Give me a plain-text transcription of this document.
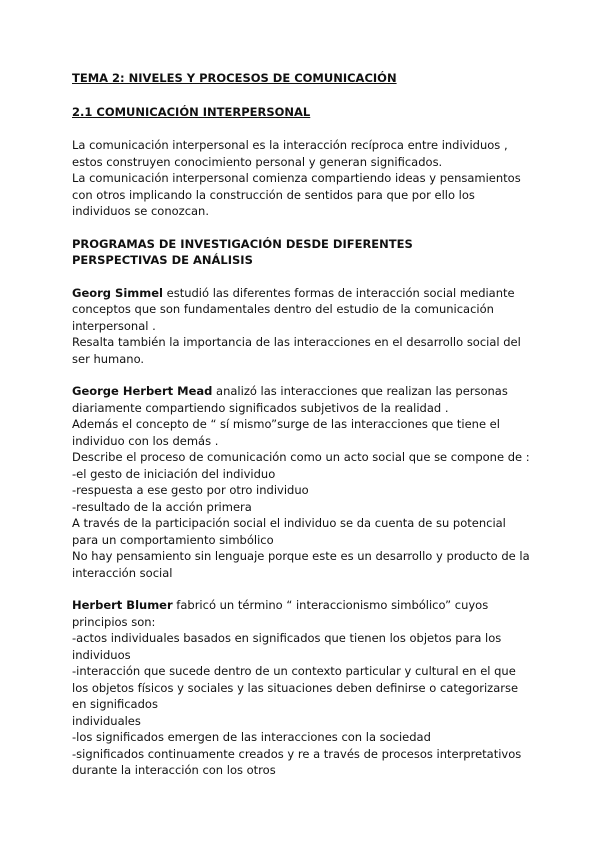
TEMA 2: NIVELES Y PROCESOS DE COMUNICACIÓN

2.1 COMUNICACIÓN INTERPERSONAL

La comunicación interpersonal es la interacción recíproca entre individuos , estos construyen conocimiento personal y generan significados.

La comunicación interpersonal comienza compartiendo ideas y pensamientos con otros implicando la construcción de sentidos para que por ello los individuos se conozcan.

PROGRAMAS DE INVESTIGACIÓN DESDE DIFERENTES PERSPECTIVAS DE ANÁLISIS

Georg Simmel estudió las diferentes formas de interacción social mediante conceptos que son fundamentales dentro del estudio de la comunicación interpersonal .

Resalta también la importancia de las interacciones en el desarrollo social del ser humano.

George Herbert Mead analizó las interacciones que realizan las personas diariamente compartiendo significados subjetivos de la realidad .

Además el concepto de “ sí mismo”surge de las interacciones que tiene el individuo con los demás .

Describe el proceso de comunicación como un acto social que se compone de :

-el gesto de iniciación del individuo

-respuesta a ese gesto por otro individuo

-resultado de la acción primera

A través de la participación social el individuo se da cuenta de su potencial para un comportamiento simbólico

No hay pensamiento sin lenguaje porque este es un desarrollo y producto de la interacción social

Herbert Blumer fabricó un término “ interaccionismo simbólico” cuyos principios son:

-actos individuales basados en significados que tienen los objetos para los individuos

-interacción que sucede dentro de un contexto particular y cultural en el que los objetos físicos y sociales y las situaciones deben definirse o categorizarse en significados

individuales

-los significados emergen de las interacciones con la sociedad

-significados continuamente creados y re a través de procesos interpretativos durante la interacción con los otros
